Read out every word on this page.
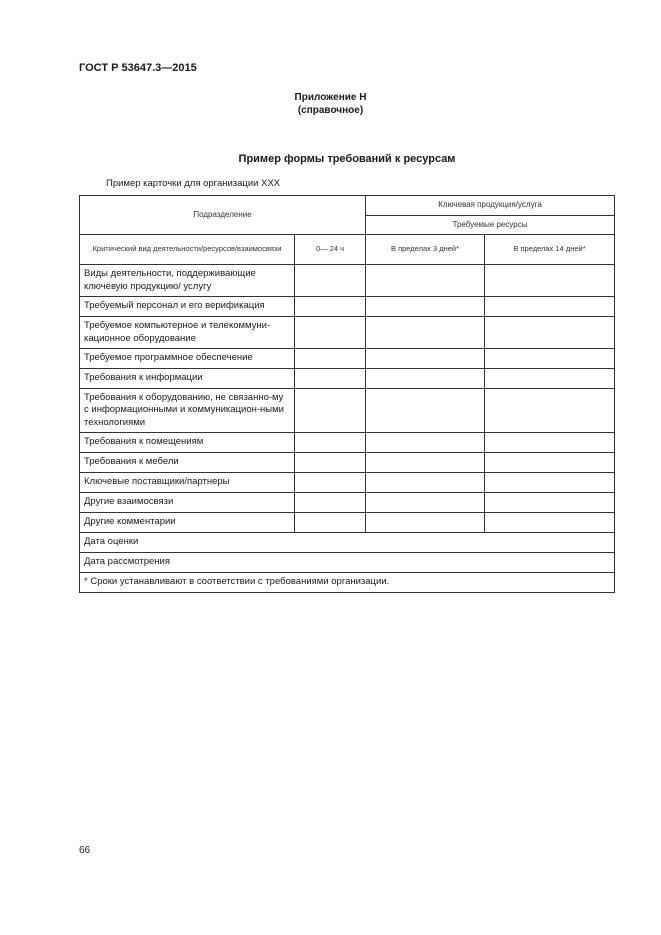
ГОСТ Р 53647.3—2015
Приложение Н
(справочное)
Пример формы требований к ресурсам
Пример карточки для организации XXX
Подразделение		Ключевая продукция/услуга	
		Требуемые ресурсы	
Критический вид деятельности/ресурсов/взаимосвязи	0— 24 ч	В пределах 3 дней*	В пределах 14 дней*
Виды деятельности, поддерживающие ключевую продукцию/ услугу			
Требуемый персонал и его верификация			
Требуемое компьютерное и телекоммуни-кационное оборудование			
Требуемое программное обеспечение			
Требования к информации			
Требования к оборудованию, не связанно-му с информационными и коммуникацион-ными технологиями			
Требования к помещениям			
Требования к мебели			
Ключевые поставщики/партнеры			
Другие взаимосвязи			
Другие комментарии			
Дата оценки			
Дата рассмотрения			
* Сроки устанавливают в соответствии с требованиями организации.			
66
